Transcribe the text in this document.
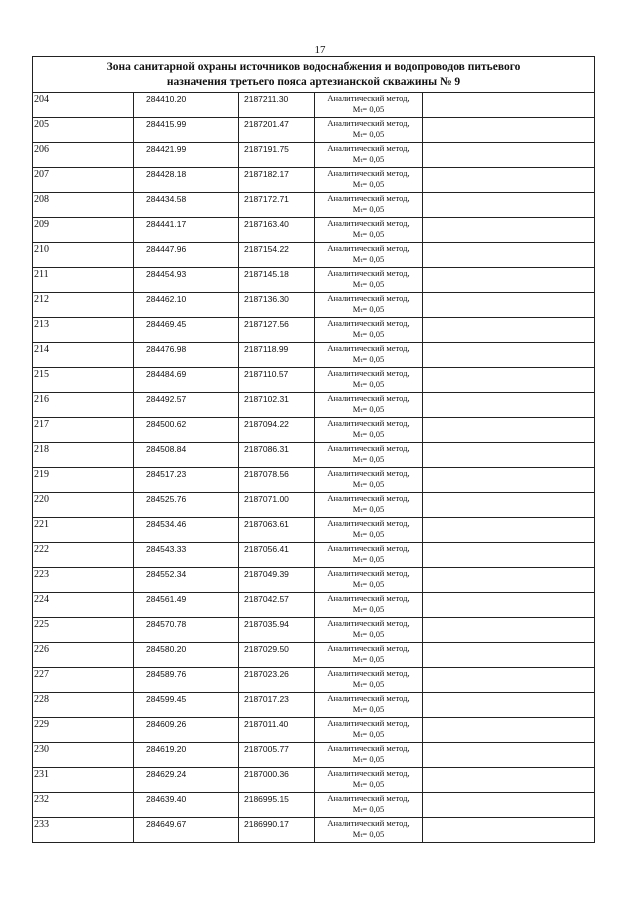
17
Зона санитарной охраны источников водоснабжения и водопроводов питьевого
назначения третьего пояса артезианской скважины № 9				

204	284410.20	2187211.30	Аналитический метод,
Mₜ= 0,05	

205	284415.99	2187201.47	Аналитический метод,
Mₜ= 0,05	

206	284421.99	2187191.75	Аналитический метод,
Mₜ= 0,05	

207	284428.18	2187182.17	Аналитический метод,
Mₜ= 0,05	

208	284434.58	2187172.71	Аналитический метод,
Mₜ= 0,05	

209	284441.17	2187163.40	Аналитический метод,
Mₜ= 0,05	

210	284447.96	2187154.22	Аналитический метод,
Mₜ= 0,05	

211	284454.93	2187145.18	Аналитический метод,
Mₜ= 0,05	

212	284462.10	2187136.30	Аналитический метод,
Mₜ= 0,05	

213	284469.45	2187127.56	Аналитический метод,
Mₜ= 0,05	

214	284476.98	2187118.99	Аналитический метод,
Mₜ= 0,05	

215	284484.69	2187110.57	Аналитический метод,
Mₜ= 0,05	

216	284492.57	2187102.31	Аналитический метод,
Mₜ= 0,05	

217	284500.62	2187094.22	Аналитический метод,
Mₜ= 0,05	

218	284508.84	2187086.31	Аналитический метод,
Mₜ= 0,05	

219	284517.23	2187078.56	Аналитический метод,
Mₜ= 0,05	

220	284525.76	2187071.00	Аналитический метод,
Mₜ= 0,05	

221	284534.46	2187063.61	Аналитический метод,
Mₜ= 0,05	

222	284543.33	2187056.41	Аналитический метод,
Mₜ= 0,05	

223	284552.34	2187049.39	Аналитический метод,
Mₜ= 0,05	

224	284561.49	2187042.57	Аналитический метод,
Mₜ= 0,05	

225	284570.78	2187035.94	Аналитический метод,
Mₜ= 0,05	

226	284580.20	2187029.50	Аналитический метод,
Mₜ= 0,05	

227	284589.76	2187023.26	Аналитический метод,
Mₜ= 0,05	

228	284599.45	2187017.23	Аналитический метод,
Mₜ= 0,05	

229	284609.26	2187011.40	Аналитический метод,
Mₜ= 0,05	

230	284619.20	2187005.77	Аналитический метод,
Mₜ= 0,05	

231	284629.24	2187000.36	Аналитический метод,
Mₜ= 0,05	

232	284639.40	2186995.15	Аналитический метод,
Mₜ= 0,05	

233	284649.67	2186990.17	Аналитический метод,
Mₜ= 0,05	
